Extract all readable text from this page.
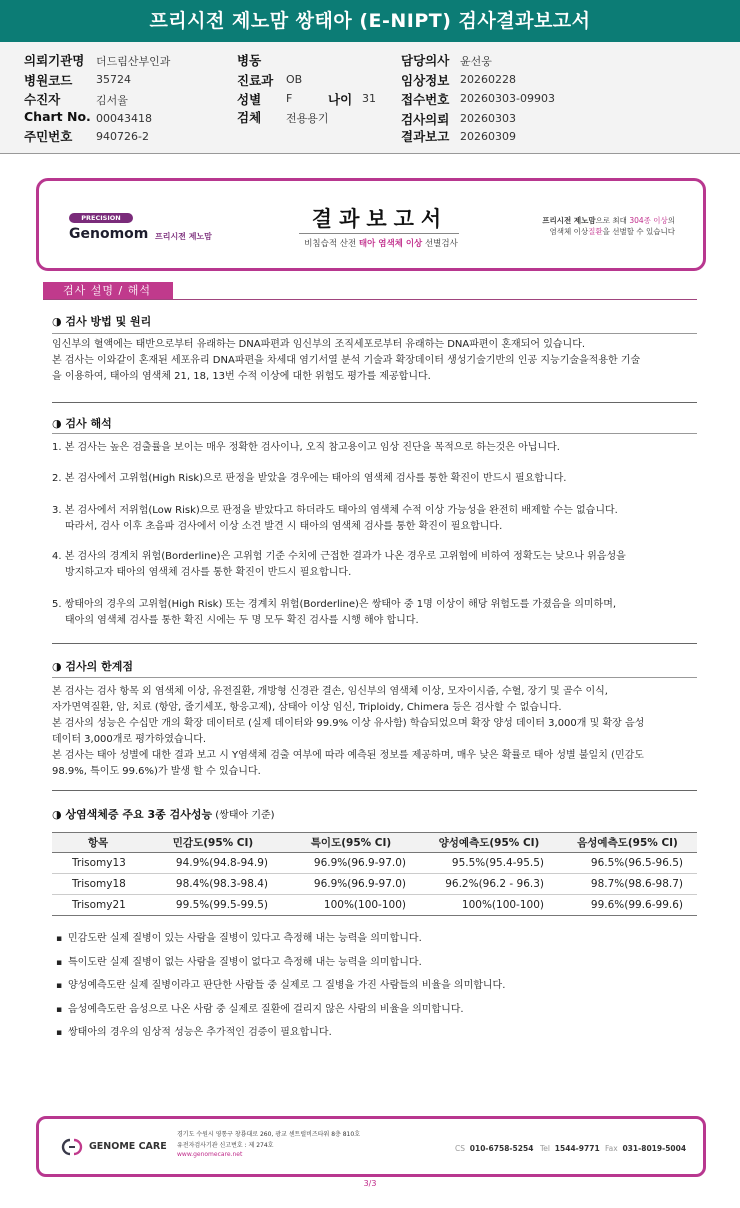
프리시전 제노맘 쌍태아 (E-NIPT) 검사결과보고서
의뢰기관명 더드림산부인과
병원코드 35724
수진자	김서율
Chart No. 00043418
주민번호 940726-2
병동
진료과 OB
성별 F	나이 31
검체 전용용기
담당의사 윤선웅
임상정보 20260228
접수번호 20260303-09903
검사의뢰 20260303
결과보고 20260309
PRECISION
Genomom 프리시젼 제노맘
결과보고서
비침습적 산전 태아 염색체 이상 선별검사
프리시전 제노맘으로 최대 304종 이상의
염색체 이상질환을 선별할 수 있습니다
검사 설명 / 해석
◑ 검사 방법 및 원리
임신부의 혈액에는 태반으로부터 유래하는 DNA파편과 임신부의 조직세포로부터 유래하는 DNA파편이 혼재되어 있습니다.
본 검사는 이와같이 혼재된 세포유리 DNA파편을 차세대 염기서열 분석 기술과 확장데이터 생성기술기반의 인공 지능기술을적용한 기술
을 이용하여, 태아의 염색체 21, 18, 13번 수적 이상에 대한 위험도 평가를 제공합니다.
◑ 검사 해석
1. 본 검사는 높은 검출률을 보이는 매우 정확한 검사이나, 오직 참고용이고 임상 진단을 목적으로 하는것은 아닙니다.
2. 본 검사에서 고위험(High Risk)으로 판정을 받았을 경우에는 태아의 염색체 검사를 통한 확진이 반드시 필요합니다.
3. 본 검사에서 저위험(Low Risk)으로 판정을 받았다고 하더라도 태아의 염색체 수적 이상 가능성을 완전히 배제할 수는 없습니다.
따라서, 검사 이후 초음파 검사에서 이상 소견 발견 시 태아의 염색체 검사를 통한 확진이 필요합니다.
4. 본 검사의 경계치 위험(Borderline)은 고위험 기준 수치에 근접한 결과가 나온 경우로 고위험에 비하여 정확도는 낮으나 위음성을
방지하고자 태아의 염색체 검사를 통한 확진이 반드시 필요합니다.
5. 쌍태아의 경우의 고위험(High Risk) 또는 경계치 위험(Borderline)은 쌍태아 중 1명 이상이 해당 위험도를 가졌음을 의미하며,
태아의 염색체 검사를 통한 확진 시에는 두 명 모두 확진 검사를 시행 해야 합니다.
◑ 검사의 한계점
본 검사는 검사 항목 외 염색체 이상, 유전질환, 개방형 신경관 결손, 임신부의 염색체 이상, 모자이시즘, 수혈, 장기 및 골수 이식,
자가면역질환, 암, 치료 (항암, 줄기세포, 항응고제), 삼태아 이상 임신, Triploidy, Chimera 등은 검사할 수 없습니다.
본 검사의 성능은 수십만 개의 확장 데이터로 (실제 데이터와 99.9% 이상 유사함) 학습되었으며 확장 양성 데이터 3,000개 및 확장 음성
데이터 3,000개로 평가하였습니다.
본 검사는 태아 성별에 대한 결과 보고 시 Y염색체 검출 여부에 따라 예측된 정보를 제공하며, 매우 낮은 확률로 태아 성별 불일치 (민감도
98.9%, 특이도 99.6%)가 발생 할 수 있습니다.
◑ 상염색체증 주요 3종 검사성능 (쌍태아 기준)
항목	민감도(95% CI)	특이도(95% CI)	양성예측도(95% CI)	음성예측도(95% CI)
Trisomy13	94.9%(94.8-94.9)	96.9%(96.9-97.0)	95.5%(95.4-95.5)	96.5%(96.5-96.5)
Trisomy18	98.4%(98.3-98.4)	96.9%(96.9-97.0)	96.2%(96.2 - 96.3)	98.7%(98.6-98.7)
Trisomy21	99.5%(99.5-99.5)	100%(100-100)	100%(100-100)	99.6%(99.6-99.6)
▪ 민감도란 실제 질병이 있는 사람을 질병이 있다고 측정해 내는 능력을 의미합니다.
▪ 특이도란 실제 질병이 없는 사람을 질병이 없다고 측정해 내는 능력을 의미합니다.
▪ 양성예측도란 실제 질병이라고 판단한 사람들 중 실제로 그 질병을 가진 사람들의 비율을 의미합니다.
▪ 음성예측도란 음성으로 나온 사람 중 실제로 질환에 걸리지 않은 사람의 비율을 의미합니다.
▪ 쌍태아의 경우의 임상적 성능은 추가적인 검증이 필요합니다.
GENOME CARE
경기도 수원시 영통구 창룡대로 260, 광교 센트럴비즈타워 8층 810호
유전자검사기관 신고번호 : 제 274호
www.genomecare.net
CS 010-6758-5254 Tel 1544-9771 Fax 031-8019-5004
3/3
